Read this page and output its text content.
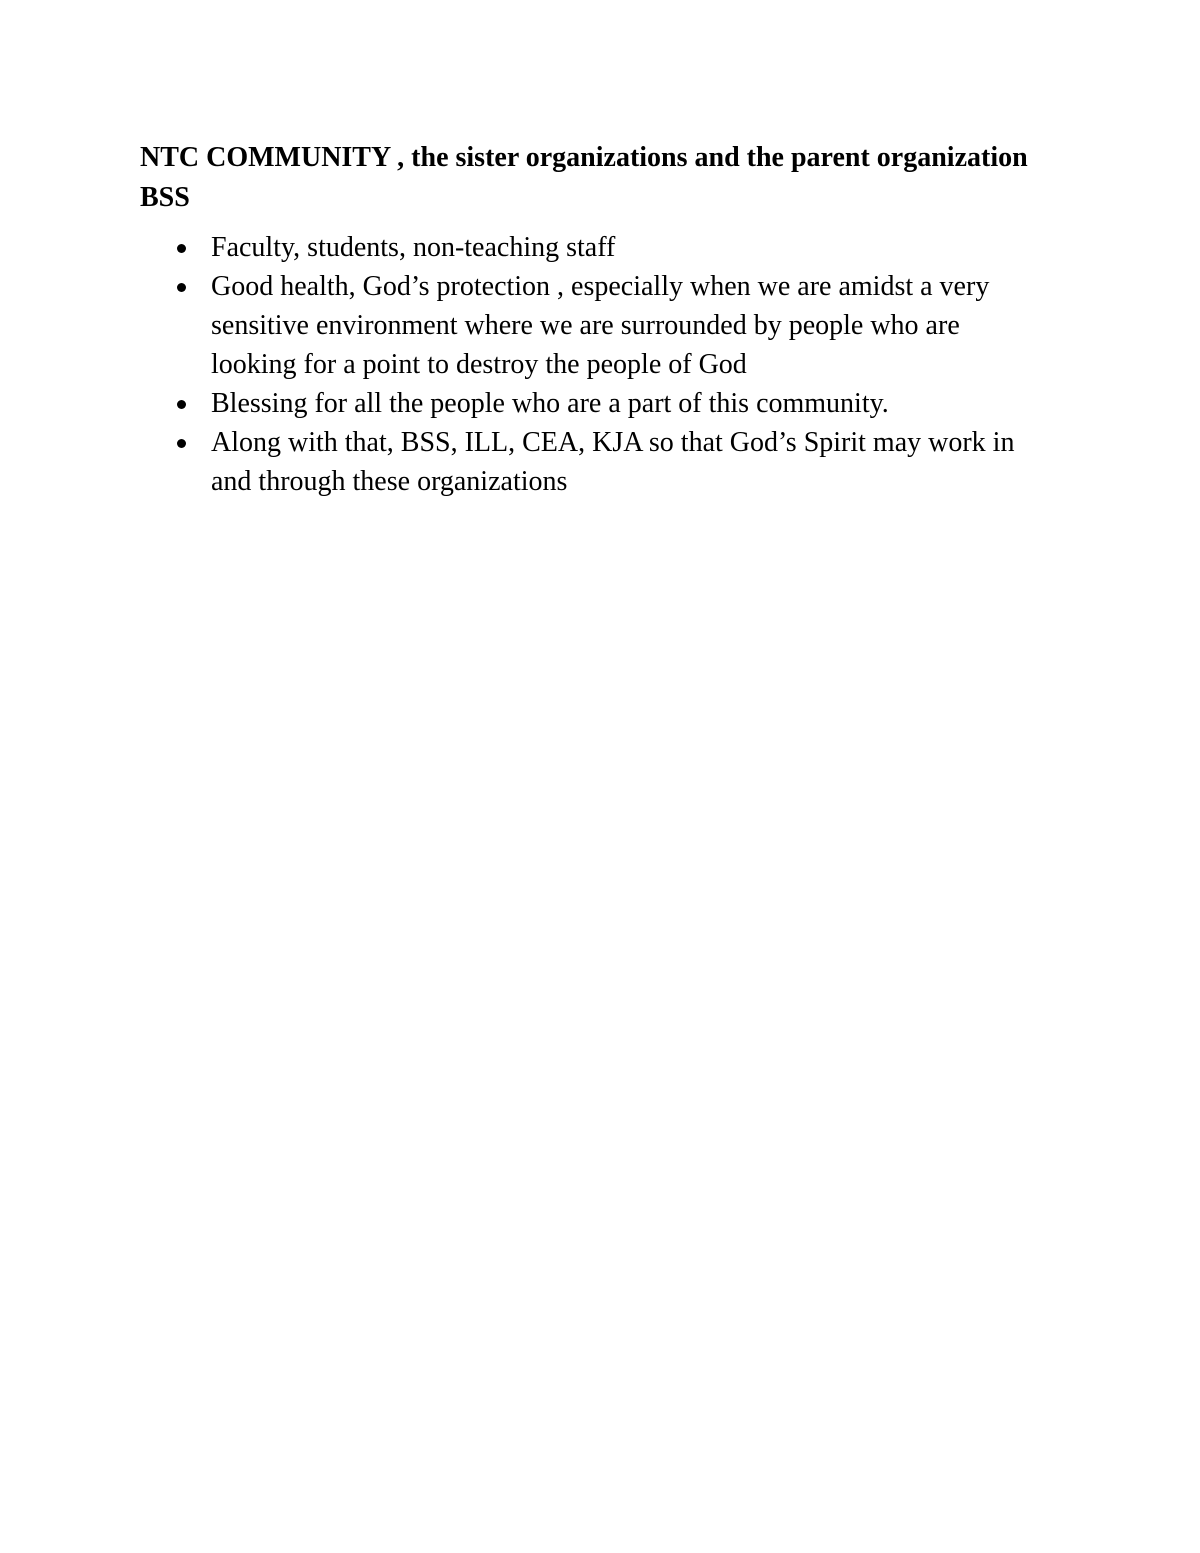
NTC COMMUNITY , the sister organizations and the parent organization BSS

Faculty, students, non-teaching staff
Good health, God’s protection , especially when we are amidst a very sensitive environment where we are surrounded by people who are looking for a point to destroy the people of God
Blessing for all the people who are a part of this community.
Along with that, BSS, ILL, CEA, KJA so that God’s Spirit may work in and through these organizations
